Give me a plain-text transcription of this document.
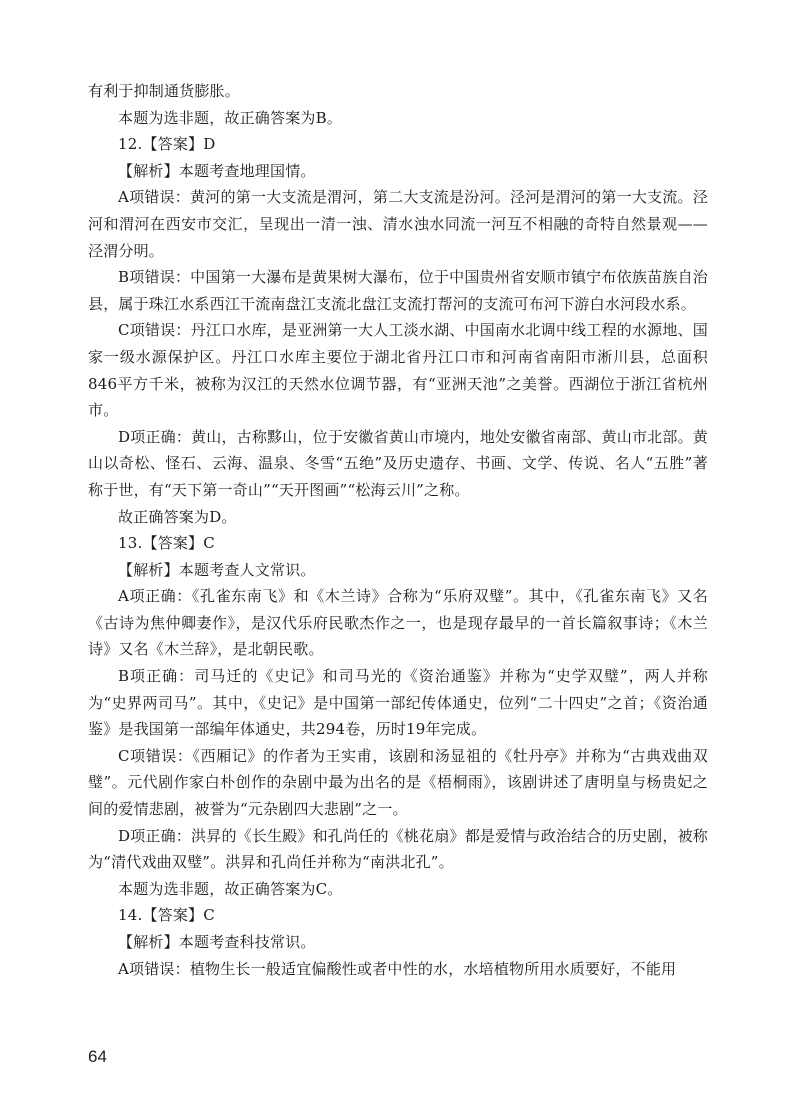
有利于抑制通货膨胀。

本题为选非题，故正确答案为B。

12.【答案】D

【解析】本题考查地理国情。

A项错误：黄河的第一大支流是渭河，第二大支流是汾河。泾河是渭河的第一大支流。泾河和渭河在西安市交汇，呈现出一清一浊、清水浊水同流一河互不相融的奇特自然景观——泾渭分明。

B项错误：中国第一大瀑布是黄果树大瀑布，位于中国贵州省安顺市镇宁布依族苗族自治县，属于珠江水系西江干流南盘江支流北盘江支流打帮河的支流可布河下游白水河段水系。

C项错误：丹江口水库，是亚洲第一大人工淡水湖、中国南水北调中线工程的水源地、国家一级水源保护区。丹江口水库主要位于湖北省丹江口市和河南省南阳市淅川县，总面积846平方千米，被称为汉江的天然水位调节器，有“亚洲天池”之美誉。西湖位于浙江省杭州市。

D项正确：黄山，古称黟山，位于安徽省黄山市境内，地处安徽省南部、黄山市北部。黄山以奇松、怪石、云海、温泉、冬雪“五绝”及历史遗存、书画、文学、传说、名人“五胜”著称于世，有“天下第一奇山”“天开图画”“松海云川”之称。

故正确答案为D。

13.【答案】C

【解析】本题考查人文常识。

A项正确：《孔雀东南飞》和《木兰诗》合称为“乐府双璧”。其中，《孔雀东南飞》又名《古诗为焦仲卿妻作》，是汉代乐府民歌杰作之一，也是现存最早的一首长篇叙事诗；《木兰诗》又名《木兰辞》，是北朝民歌。

B项正确：司马迁的《史记》和司马光的《资治通鉴》并称为“史学双璧”，两人并称为“史界两司马”。其中，《史记》是中国第一部纪传体通史，位列“二十四史”之首；《资治通鉴》是我国第一部编年体通史，共294卷，历时19年完成。

C项错误：《西厢记》的作者为王实甫，该剧和汤显祖的《牡丹亭》并称为“古典戏曲双璧”。元代剧作家白朴创作的杂剧中最为出名的是《梧桐雨》，该剧讲述了唐明皇与杨贵妃之间的爱情悲剧，被誉为“元杂剧四大悲剧”之一。

D项正确：洪昇的《长生殿》和孔尚任的《桃花扇》都是爱情与政治结合的历史剧，被称为“清代戏曲双璧”。洪昇和孔尚任并称为“南洪北孔”。

本题为选非题，故正确答案为C。

14.【答案】C

【解析】本题考查科技常识。

A项错误：植物生长一般适宜偏酸性或者中性的水，水培植物所用水质要好，不能用

64
